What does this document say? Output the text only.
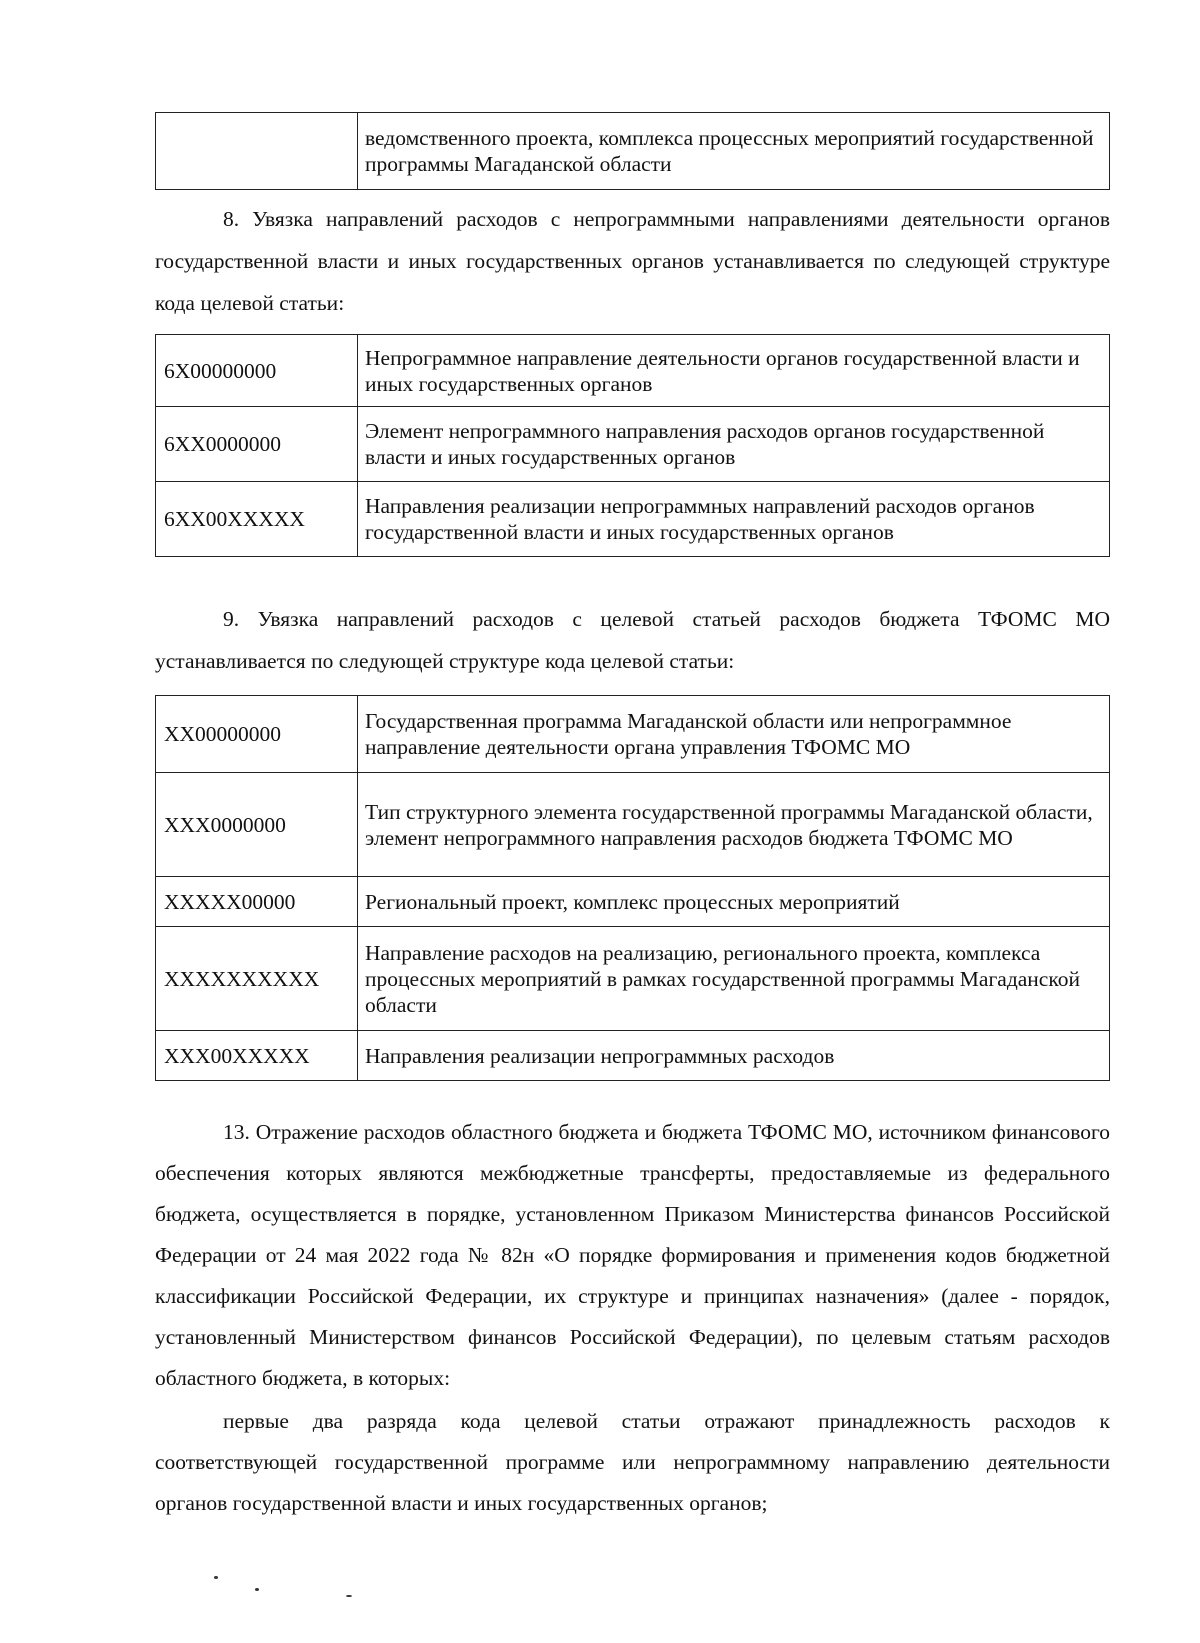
	ведомственного проекта, комплекса процессных мероприятий государственной программы Магаданской области

8. Увязка направлений расходов с непрограммными направлениями деятельности органов государственной власти и иных государственных органов устанавливается по следующей структуре кода целевой статьи:

6Х00000000	Непрограммное направление деятельности органов государственной власти и иных государственных органов
6ХХ0000000	Элемент непрограммного направления расходов органов государственной власти и иных государственных органов
6ХХ00ХХХХХ	Направления реализации непрограммных направлений расходов органов государственной власти и иных государственных органов

9. Увязка направлений расходов с целевой статьей расходов бюджета ТФОМС МО устанавливается по следующей структуре кода целевой статьи:

ХХ00000000	Государственная программа Магаданской области или непрограммное направление деятельности органа управления ТФОМС МО
ХХХ0000000	Тип структурного элемента государственной программы Магаданской области, элемент непрограммного направления расходов бюджета ТФОМС МО
ХХХХХ00000	Региональный проект, комплекс процессных мероприятий
ХХХХХХХХХХ	Направление расходов на реализацию, регионального проекта, комплекса процессных мероприятий в рамках государственной программы Магаданской области
ХХХ00ХХХХХ	Направления реализации непрограммных расходов

13. Отражение расходов областного бюджета и бюджета ТФОМС МО, источником финансового обеспечения которых являются межбюджетные трансферты, предоставляемые из федерального бюджета, осуществляется в порядке, установленном Приказом Министерства финансов Российской Федерации от 24 мая 2022 года № 82н «О порядке формирования и применения кодов бюджетной классификации Российской Федерации, их структуре и принципах назначения» (далее - порядок, установленный Министерством финансов Российской Федерации), по целевым статьям расходов областного бюджета, в которых:

первые два разряда кода целевой статьи отражают принадлежность расходов к соответствующей государственной программе или непрограммному направлению деятельности органов государственной власти и иных государственных органов;
